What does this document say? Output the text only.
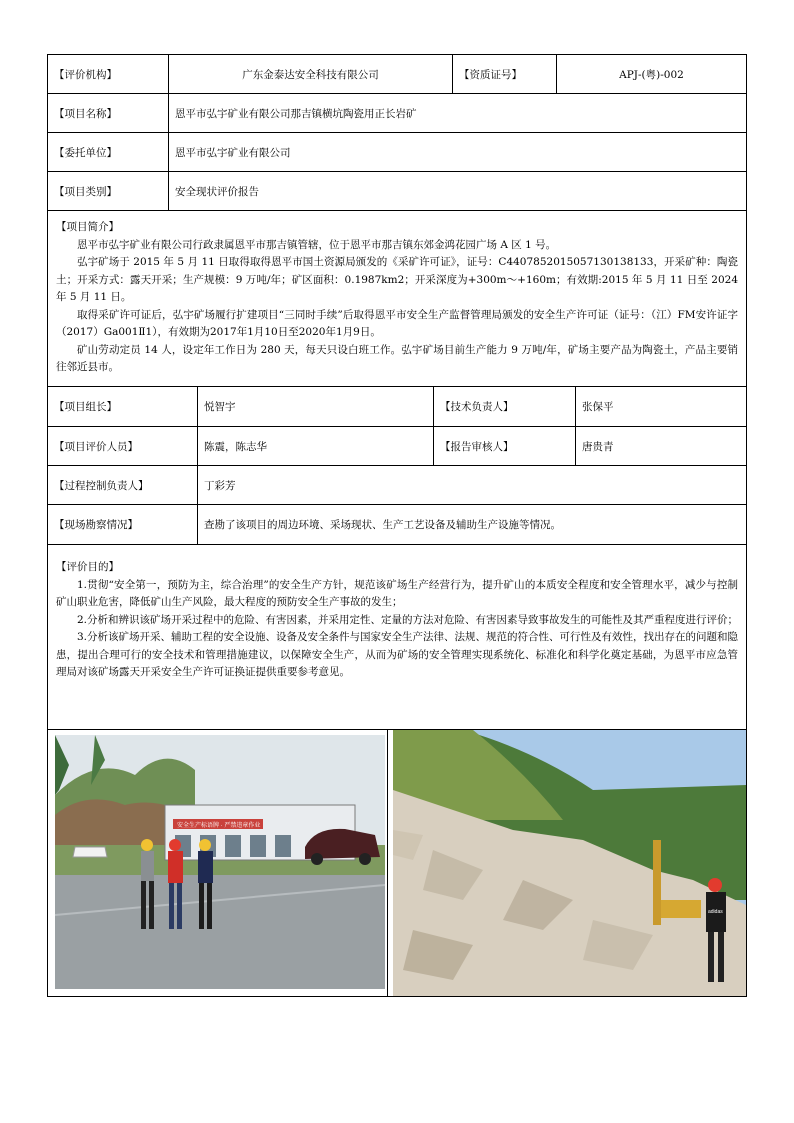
【评价机构】	广东金泰达安全科技有限公司	【资质证号】	APJ-(粤)-002
【项目名称】	恩平市弘宇矿业有限公司那吉镇横坑陶瓷用正长岩矿
【委托单位】	恩平市弘宇矿业有限公司
【项目类别】	安全现状评价报告

【项目简介】

恩平市弘宇矿业有限公司行政隶属恩平市那吉镇管辖，位于恩平市那吉镇东郊金鸿花园广场 A 区 1 号。

弘宇矿场于 2015 年 5 月 11 日取得取得恩平市国土资源局颁发的《采矿许可证》，证号：C4407852015057130138133，开采矿种：陶瓷土；开采方式：露天开采；生产规模：9 万吨/年；矿区面积：0.1987km2；开采深度为+300m～+160m；有效期:2015 年 5 月 11 日至 2024 年 5 月 11 日。

取得采矿许可证后，弘宇矿场履行扩建项目“三同时手续”后取得恩平市安全生产监督管理局颁发的安全生产许可证（证号：（江）FM安许证字（2017）Ga001Ⅱ1），有效期为2017年1月10日至2020年1月9日。

矿山劳动定员 14 人，设定年工作日为 280 天，每天只设白班工作。弘宇矿场目前生产能力 9 万吨/年，矿场主要产品为陶瓷土，产品主要销往邻近县市。

【项目组长】	悦智宇	【技术负责人】	张保平
【项目评价人员】	陈震，陈志华	【报告审核人】	唐贵青
【过程控制负责人】	丁彩芳
【现场勘察情况】	查勘了该项目的周边环境、采场现状、生产工艺设备及辅助生产设施等情况。

【评价目的】

1.贯彻“安全第一，预防为主，综合治理”的安全生产方针，规范该矿场生产经营行为，提升矿山的本质安全程度和安全管理水平，减少与控制矿山职业危害，降低矿山生产风险，最大程度的预防安全生产事故的发生；

2.分析和辨识该矿场开采过程中的危险、有害因素，并采用定性、定量的方法对危险、有害因素导致事故发生的可能性及其严重程度进行评价；

3.分析该矿场开采、辅助工程的安全设施、设备及安全条件与国家安全生产法律、法规、规范的符合性、可行性及有效性，找出存在的问题和隐患，提出合理可行的安全技术和管理措施建议，以保障安全生产，从而为矿场的安全管理实现系统化、标准化和科学化奠定基础，为恩平市应急管理局对该矿场露天开采安全生产许可证换证提供重要参考意见。

安全生产标语牌 · 严禁违章作业
adidas
